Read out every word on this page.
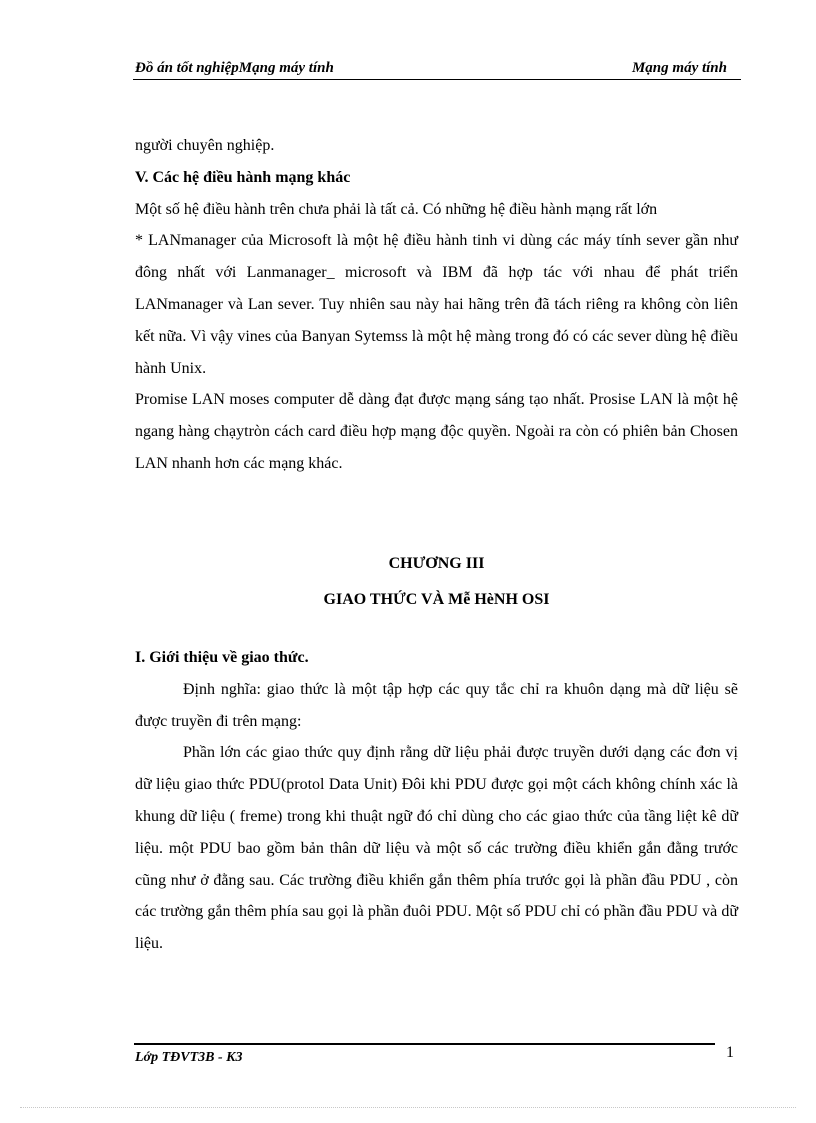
Đồ án tốt nghiệpMạng máy tính	Mạng máy tính

người chuyên nghiệp.

V. Các hệ điều hành mạng khác

Một số hệ điều hành trên chưa phải là tất cả. Có những hệ điều hành mạng rất lớn

* LANmanager của Microsoft là một hệ điều hành tinh vi dùng các máy tính sever gần như đông nhất với Lanmanager_ microsoft và IBM đã hợp tác với nhau để phát triển LANmanager và Lan sever. Tuy nhiên sau này hai hãng trên đã tách riêng ra không còn liên kết nữa. Vì vậy vines của Banyan Sytemss là một hệ màng trong đó có các sever dùng hệ điều hành Unix.

Promise LAN moses computer dễ dàng đạt được mạng sáng tạo nhất. Prosise LAN là một hệ ngang hàng chạytròn cách card điều hợp mạng độc quyền. Ngoài ra còn có phiên bản Chosen LAN nhanh hơn các mạng khác.

CHƯƠNG III
GIAO THỨC VÀ Mễ HèNH OSI

I. Giới thiệu về giao thức.

Định nghĩa: giao thức là một tập hợp các quy tắc chỉ ra khuôn dạng mà dữ liệu sẽ được truyền đi trên mạng:

Phần lớn các giao thức quy định rằng dữ liệu phải được truyền dưới dạng các đơn vị dữ liệu giao thức PDU(protol Data Unit) Đôi khi PDU được gọi một cách không chính xác là khung dữ liệu ( freme) trong khi thuật ngữ đó chỉ dùng cho các giao thức của tầng liệt kê dữ liệu. một PDU bao gồm bản thân dữ liệu và một số các trường điều khiển gắn đằng trước cũng như ở đằng sau. Các trường điều khiển gắn thêm phía trước gọi là phần đầu PDU , còn các trường gắn thêm phía sau gọi là phần đuôi PDU. Một số PDU chỉ có phần đầu PDU và dữ liệu.

Lớp TĐVT3B - K3	1
